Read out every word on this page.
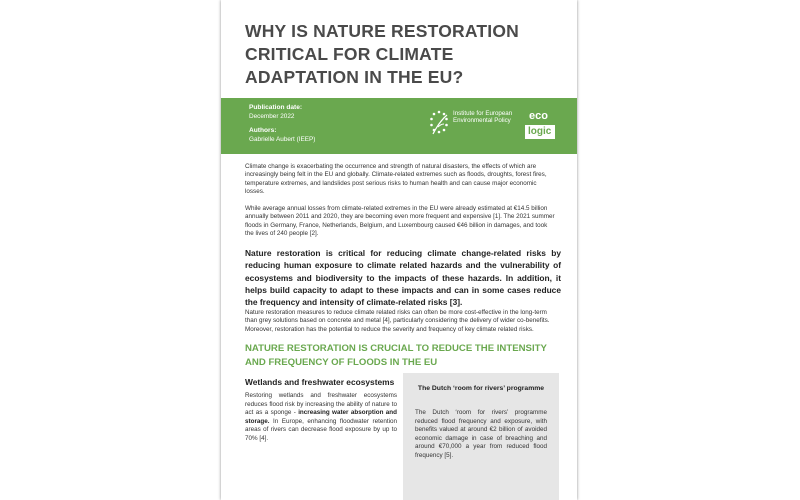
WHY IS NATURE RESTORATION CRITICAL FOR CLIMATE ADAPTATION IN THE EU?
Publication date:
December 2022
Authors:
Gabrielle Aubert (IEEP)
Institute for European Environmental Policy	eco
logic

Climate change is exacerbating the occurrence and strength of natural disasters, the effects of which are increasingly being felt in the EU and globally. Climate-related extremes such as floods, droughts, forest fires, temperature extremes, and landslides post serious risks to human health and can cause major economic losses.

While average annual losses from climate-related extremes in the EU were already estimated at €14.5 billion annually between 2011 and 2020, they are becoming even more frequent and expensive [1]. The 2021 summer floods in Germany, France, Netherlands, Belgium, and Luxembourg caused €46 billion in damages, and took the lives of 240 people [2].

Nature restoration is critical for reducing climate change-related risks by reducing human exposure to climate related hazards and the vulnerability of ecosystems and biodiversity to the impacts of these hazards. In addition, it helps build capacity to adapt to these impacts and can in some cases reduce the frequency and intensity of climate-related risks [3].

Nature restoration measures to reduce climate related risks can often be more cost-effective in the long-term than grey solutions based on concrete and metal [4], particularly considering the delivery of wider co-benefits. Moreover, restoration has the potential to reduce the severity and frequency of key climate related risks.

NATURE RESTORATION IS CRUCIAL TO REDUCE THE INTENSITY AND FREQUENCY OF FLOODS IN THE EU
Wetlands and freshwater ecosystems

Restoring wetlands and freshwater ecosystems reduces flood risk by increasing the ability of nature to act as a sponge - increasing water absorption and storage. In Europe, enhancing floodwater retention areas of rivers can decrease flood exposure by up to 70% [4].

The Dutch ‘room for rivers’ programme

The Dutch ‘room for rivers’ programme reduced flood frequency and exposure, with benefits valued at around €2 billion of avoided economic damage in case of breaching and around €70,000 a year from reduced flood frequency [5].
